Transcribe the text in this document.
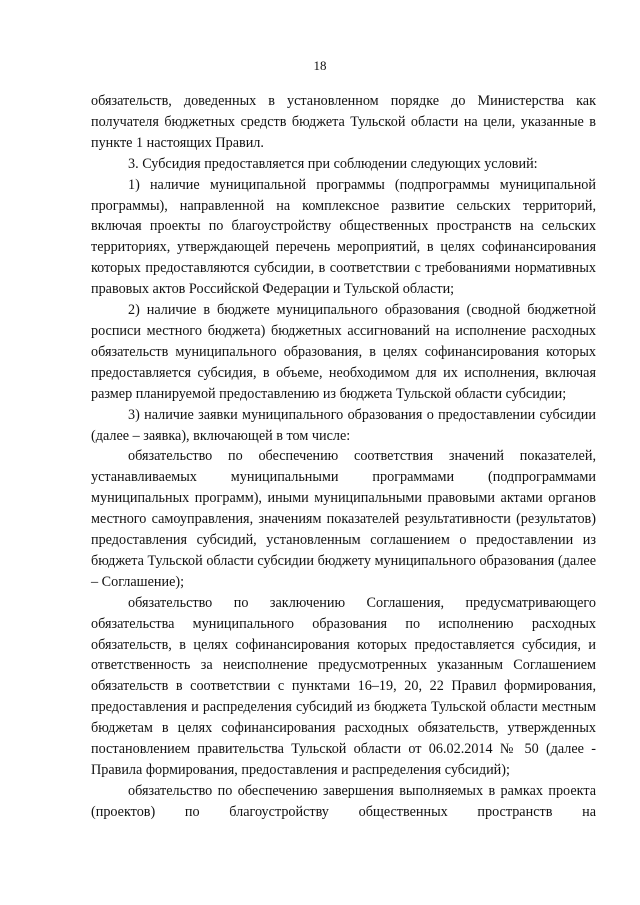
18

обязательств, доведенных в установленном порядке до Министерства как получателя бюджетных средств бюджета Тульской области на цели, указанные в пункте 1 настоящих Правил.

3. Субсидия предоставляется при соблюдении следующих условий:

1) наличие муниципальной программы (подпрограммы муниципальной программы), направленной на комплексное развитие сельских территорий, включая проекты по благоустройству общественных пространств на сельских территориях, утверждающей перечень мероприятий, в целях софинансирования которых предоставляются субсидии, в соответствии с требованиями нормативных правовых актов Российской Федерации и Тульской области;

2) наличие в бюджете муниципального образования (сводной бюджетной росписи местного бюджета) бюджетных ассигнований на исполнение расходных обязательств муниципального образования, в целях софинансирования которых предоставляется субсидия, в объеме, необходимом для их исполнения, включая размер планируемой предоставлению из бюджета Тульской области субсидии;

3) наличие заявки муниципального образования о предоставлении субсидии (далее – заявка), включающей в том числе:

обязательство по обеспечению соответствия значений показателей, устанавливаемых муниципальными программами (подпрограммами муниципальных программ), иными муниципальными правовыми актами органов местного самоуправления, значениям показателей результативности (результатов) предоставления субсидий, установленным соглашением о предоставлении из бюджета Тульской области субсидии бюджету муниципального образования (далее – Соглашение);

обязательство по заключению Соглашения, предусматривающего обязательства муниципального образования по исполнению расходных обязательств, в целях софинансирования которых предоставляется субсидия, и ответственность за неисполнение предусмотренных указанным Соглашением обязательств в соответствии с пунктами 16–19, 20, 22 Правил формирования, предоставления и распределения субсидий из бюджета Тульской области местным бюджетам в целях софинансирования расходных обязательств, утвержденных постановлением правительства Тульской области от 06.02.2014 № 50 (далее - Правила формирования, предоставления и распределения субсидий);

обязательство по обеспечению завершения выполняемых в рамках проекта (проектов) по благоустройству общественных пространств на
